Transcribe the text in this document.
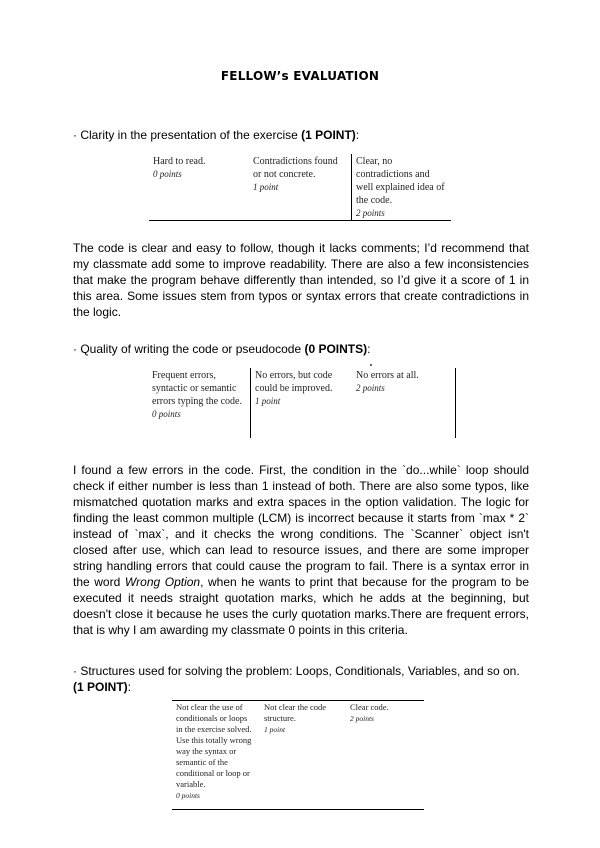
FELLOW’s EVALUATION
· Clarity in the presentation of the exercise (1 POINT):
Hard to read.
0 points
Contradictions found or not concrete.
1 point
Clear, no contradictions and well explained idea of the code.
2 points
The code is clear and easy to follow, though it lacks comments; I’d recommend that my classmate add some to improve readability. There are also a few inconsistencies that make the program behave differently than intended, so I’d give it a score of 1 in this area. Some issues stem from typos or syntax errors that create contradictions in the logic.
· Quality of writing the code or pseudocode (0 POINTS):
Frequent errors, syntactic or semantic errors typing the code.
0 points
No errors, but code could be improved.
1 point
No errors at all.
2 points
I found a few errors in the code. First, the condition in the `do...while` loop should check if either number is less than 1 instead of both. There are also some typos, like mismatched quotation marks and extra spaces in the option validation. The logic for finding the least common multiple (LCM) is incorrect because it starts from `max * 2` instead of `max`, and it checks the wrong conditions. The `Scanner` object isn't closed after use, which can lead to resource issues, and there are some improper string handling errors that could cause the program to fail. There is a syntax error in the word Wrong Option, when he wants to print that because for the program to be executed it needs straight quotation marks, which he adds at the beginning, but doesn't close it because he uses the curly quotation marks.There are frequent errors, that is why I am awarding my classmate 0 points in this criteria.
· Structures used for solving the problem: Loops, Conditionals, Variables, and so on. (1 POINT):
Not clear the use of conditionals or loops in the exercise solved. Use this totally wrong way the syntax or semantic of the conditional or loop or variable.
0 points
Not clear the code structure.
1 point
Clear code.
2 points
